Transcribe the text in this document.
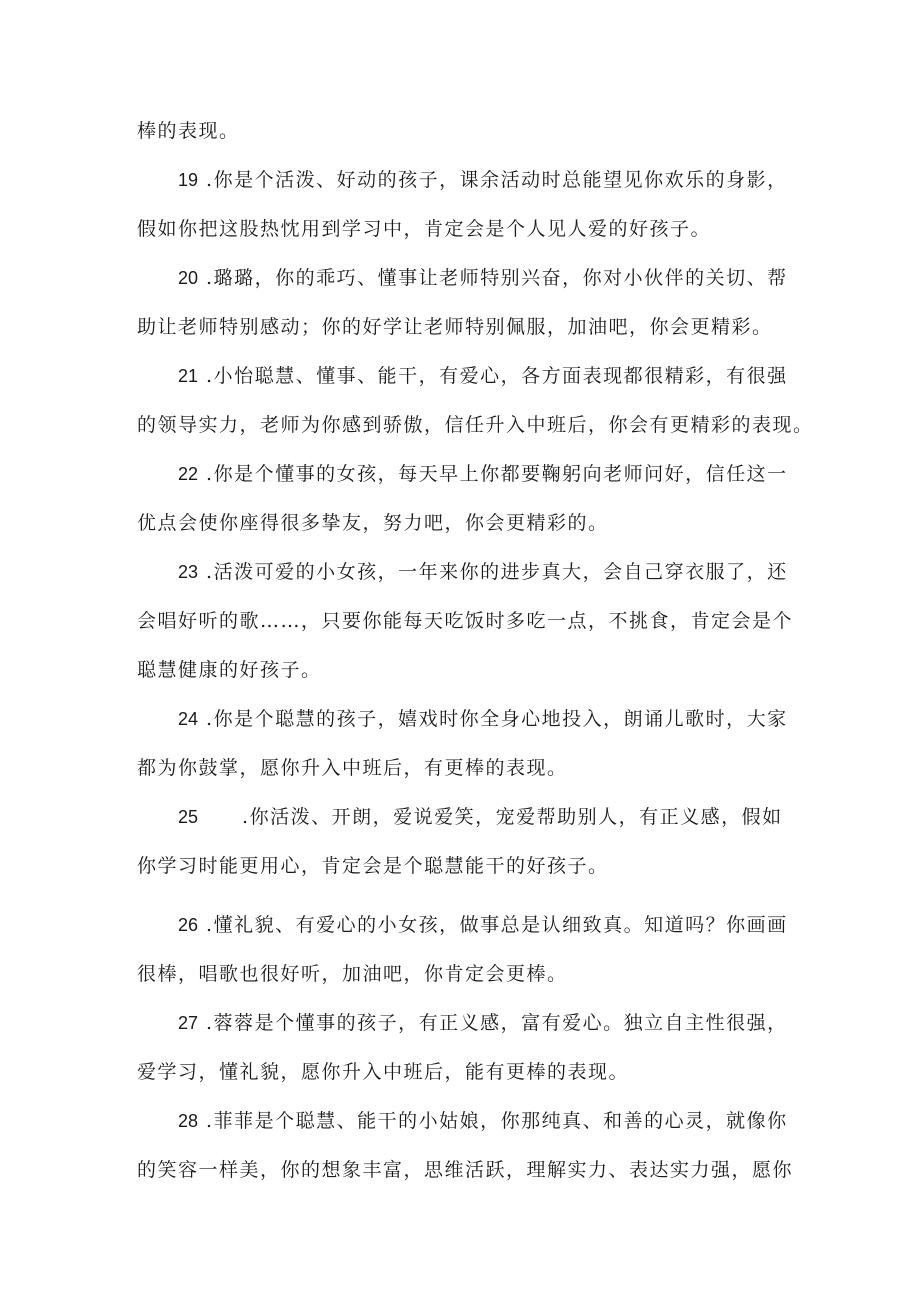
棒的表现。
19 .你是个活泼、好动的孩子，课余活动时总能望见你欢乐的身影，
假如你把这股热忱用到学习中，肯定会是个人见人爱的好孩子。
20 .璐璐，你的乖巧、懂事让老师特别兴奋，你对小伙伴的关切、帮
助让老师特别感动；你的好学让老师特别佩服，加油吧，你会更精彩。
21 .小怡聪慧、懂事、能干，有爱心，各方面表现都很精彩，有很强
的领导实力，老师为你感到骄傲，信任升入中班后，你会有更精彩的表现。
22 .你是个懂事的女孩，每天早上你都要鞠躬向老师问好，信任这一
优点会使你座得很多挚友，努力吧，你会更精彩的。
23 .活泼可爱的小女孩，一年来你的进步真大，会自己穿衣服了，还
会唱好听的歌……，只要你能每天吃饭时多吃一点，不挑食，肯定会是个
聪慧健康的好孩子。
24 .你是个聪慧的孩子，嬉戏时你全身心地投入，朗诵儿歌时，大家
都为你鼓掌，愿你升入中班后，有更棒的表现。
25 .你活泼、开朗，爱说爱笑，宠爱帮助别人，有正义感，假如
你学习时能更用心，肯定会是个聪慧能干的好孩子。
26 .懂礼貌、有爱心的小女孩，做事总是认细致真。知道吗？你画画
很棒，唱歌也很好听，加油吧，你肯定会更棒。
27 .蓉蓉是个懂事的孩子，有正义感，富有爱心。独立自主性很强，
爱学习，懂礼貌，愿你升入中班后，能有更棒的表现。
28 .菲菲是个聪慧、能干的小姑娘，你那纯真、和善的心灵，就像你
的笑容一样美，你的想象丰富，思维活跃，理解实力、表达实力强，愿你
